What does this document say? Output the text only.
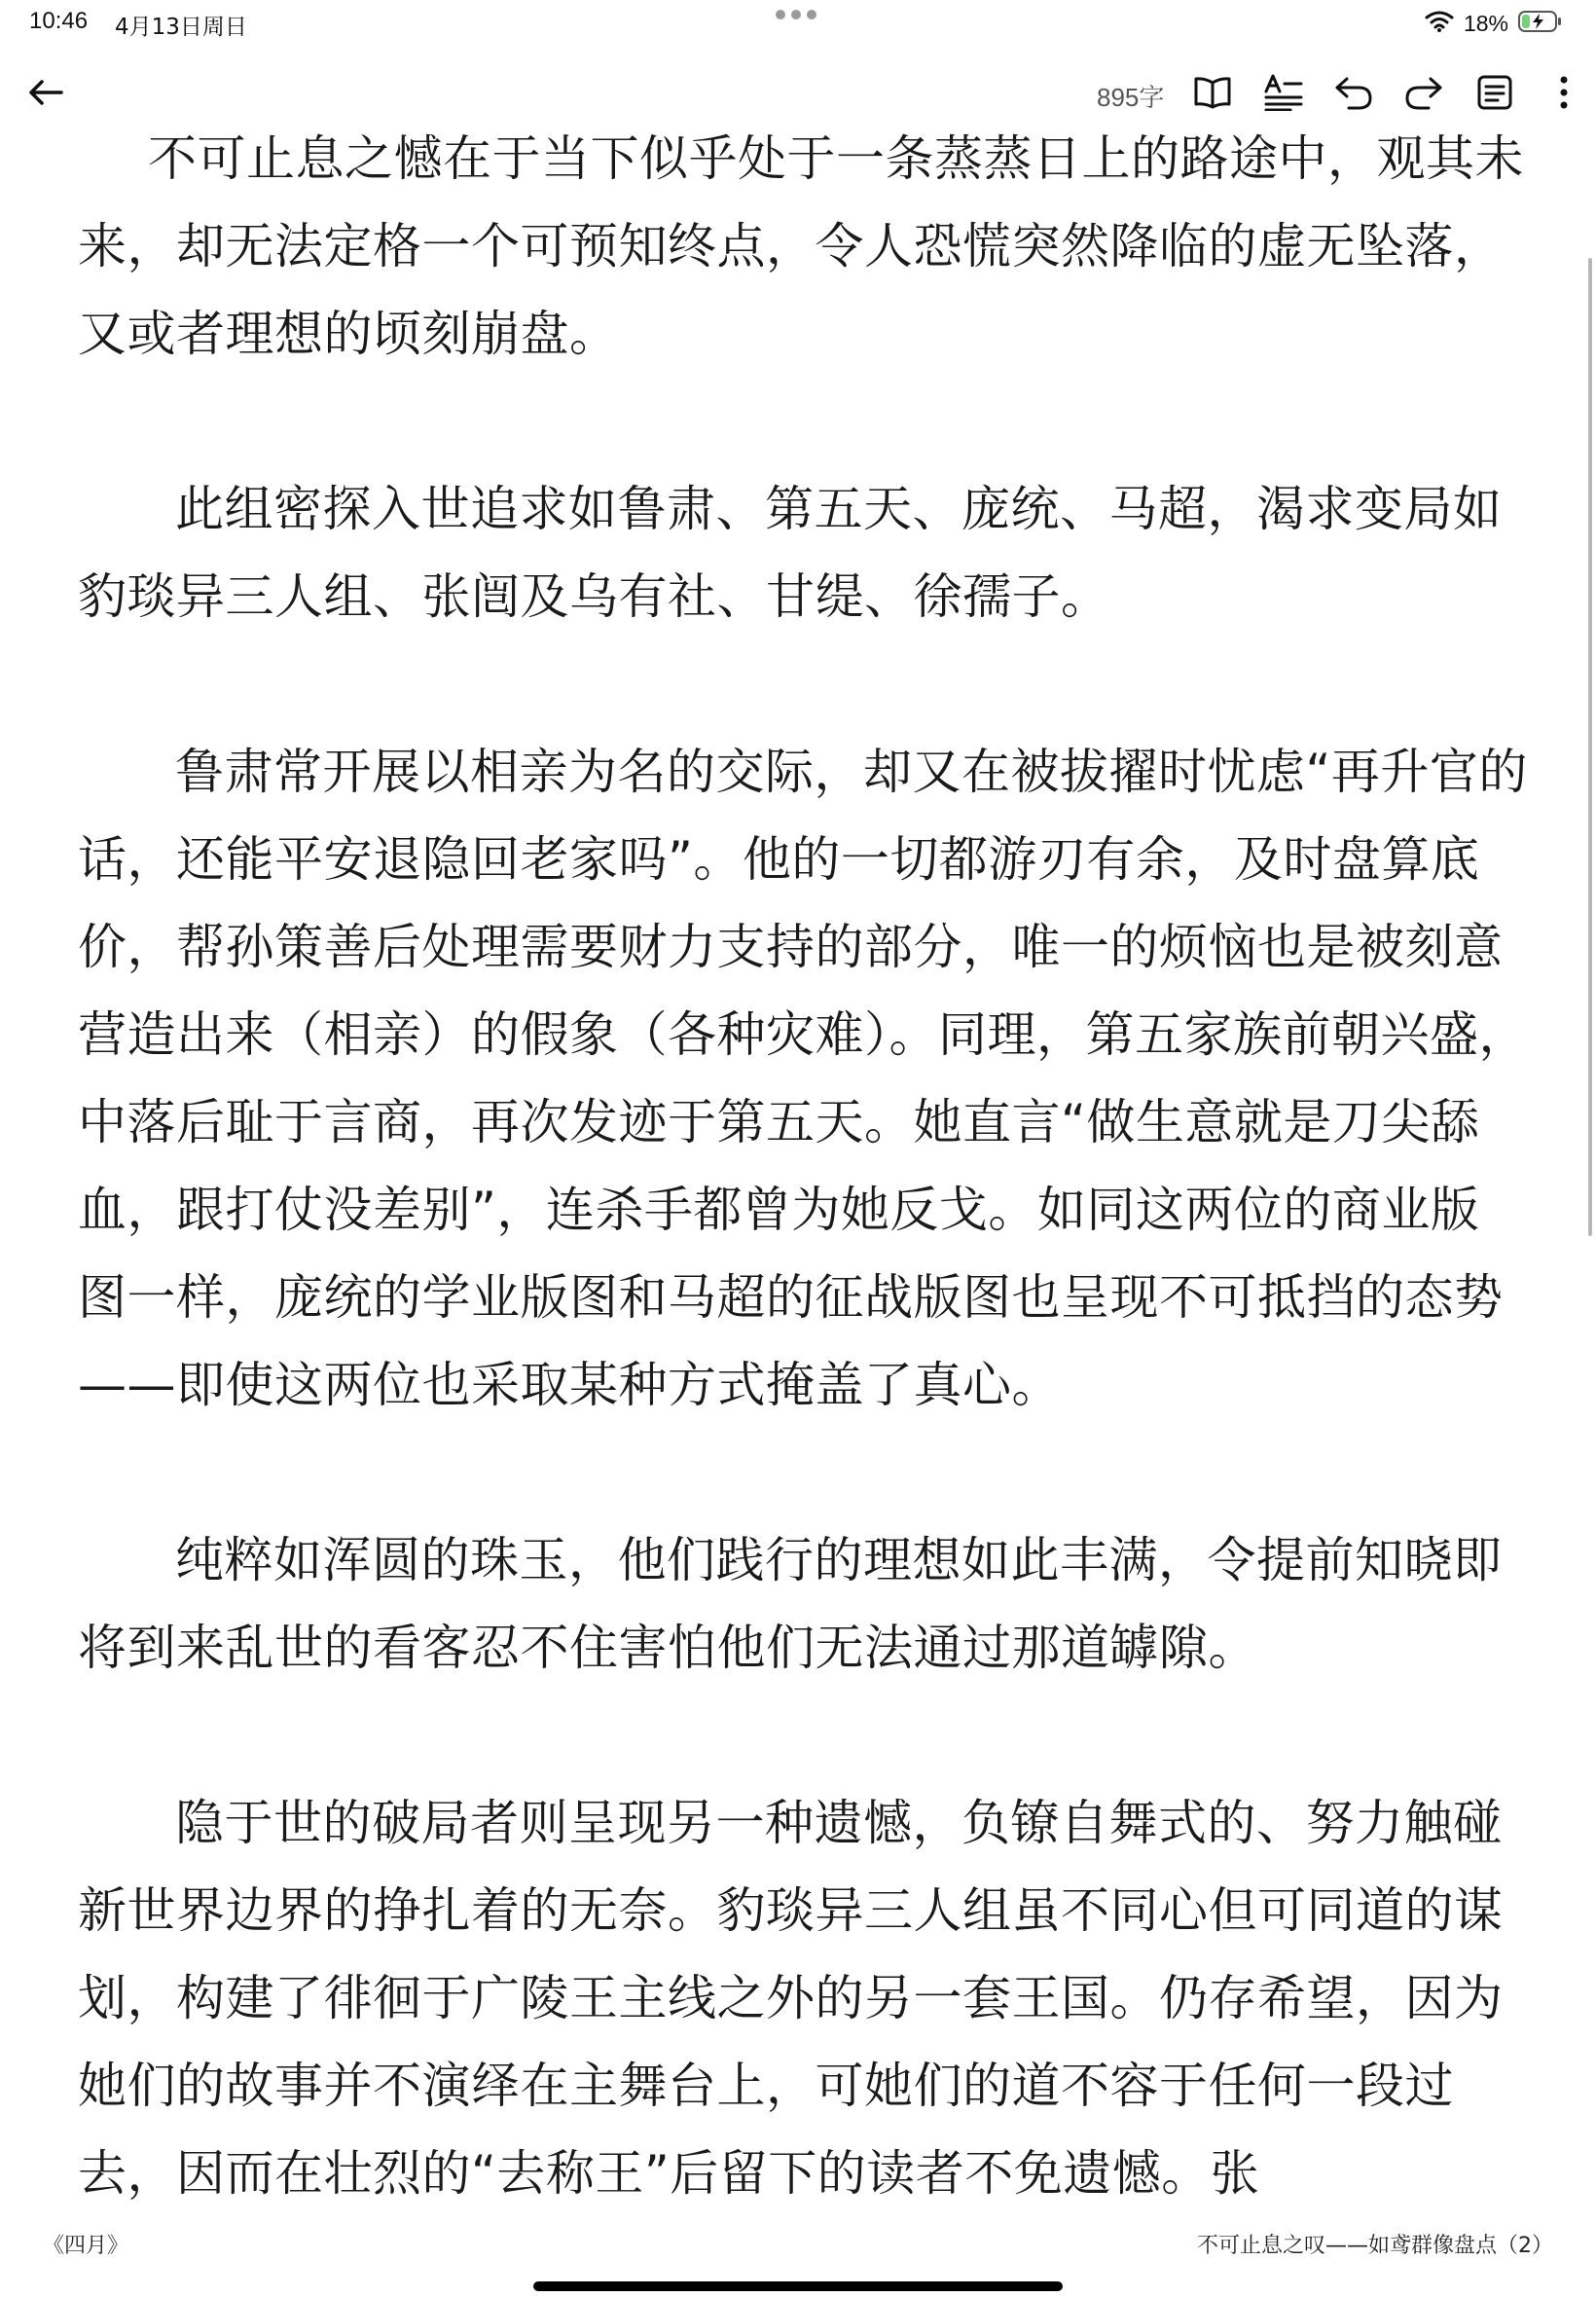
10:46 4月13日周日	18%
895字

不可止息之憾在于当下似乎处于一条蒸蒸日上的路途中，观其未来，却无法定格一个可预知终点，令人恐慌突然降临的虚无坠落，又或者理想的顷刻崩盘。

此组密探入世追求如鲁肃、第五天、庞统、马超，渴求变局如豹琰异三人组、张闿及乌有社、甘缇、徐孺子。

鲁肃常开展以相亲为名的交际，却又在被拔擢时忧虑“再升官的话，还能平安退隐回老家吗”。他的一切都游刃有余，及时盘算底价，帮孙策善后处理需要财力支持的部分，唯一的烦恼也是被刻意营造出来（相亲）的假象（各种灾难）。同理，第五家族前朝兴盛，中落后耻于言商，再次发迹于第五天。她直言“做生意就是刀尖舔血，跟打仗没差别”，连杀手都曾为她反戈。如同这两位的商业版图一样，庞统的学业版图和马超的征战版图也呈现不可抵挡的态势——即使这两位也采取某种方式掩盖了真心。

纯粹如浑圆的珠玉，他们践行的理想如此丰满，令提前知晓即将到来乱世的看客忍不住害怕他们无法通过那道罅隙。

隐于世的破局者则呈现另一种遗憾，负镣自舞式的、努力触碰新世界边界的挣扎着的无奈。豹琰异三人组虽不同心但可同道的谋划，构建了徘徊于广陵王主线之外的另一套王国。仍存希望，因为她们的故事并不演绎在主舞台上，可她们的道不容于任何一段过去，因而在壮烈的“去称王”后留下的读者不免遗憾。张

《四月》	不可止息之叹——如鸢群像盘点（2）
